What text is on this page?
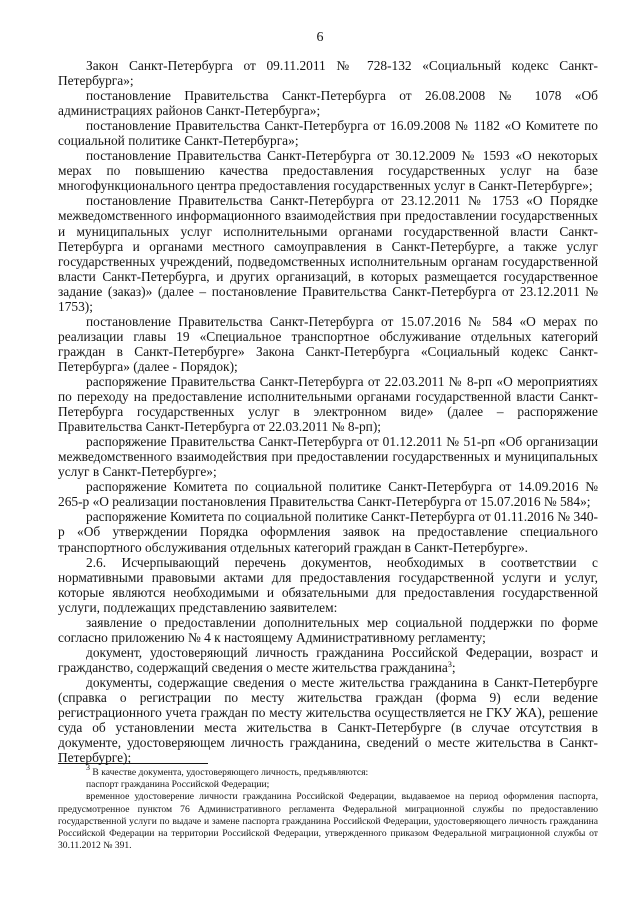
6

Закон Санкт-Петербурга от 09.11.2011 № 728-132 «Социальный кодекс Санкт-Петербурга»;

постановление Правительства Санкт-Петербурга от 26.08.2008 № 1078 «Об администрациях районов Санкт-Петербурга»;

постановление Правительства Санкт-Петербурга от 16.09.2008 № 1182 «О Комитете по социальной политике Санкт-Петербурга»;

постановление Правительства Санкт-Петербурга от 30.12.2009 № 1593 «О некоторых мерах по повышению качества предоставления государственных услуг на базе многофункционального центра предоставления государственных услуг в Санкт-Петербурге»;

постановление Правительства Санкт-Петербурга от 23.12.2011 № 1753 «О Порядке межведомственного информационного взаимодействия при предоставлении государственных и муниципальных услуг исполнительными органами государственной власти Санкт-Петербурга и органами местного самоуправления в Санкт-Петербурге, а также услуг государственных учреждений, подведомственных исполнительным органам государственной власти Санкт-Петербурга, и других организаций, в которых размещается государственное задание (заказ)» (далее – постановление Правительства Санкт-Петербурга от 23.12.2011 № 1753);

постановление Правительства Санкт-Петербурга от 15.07.2016 № 584 «О мерах по реализации главы 19 «Специальное транспортное обслуживание отдельных категорий граждан в Санкт-Петербурге» Закона Санкт-Петербурга «Социальный кодекс Санкт-Петербурга» (далее - Порядок);

распоряжение Правительства Санкт-Петербурга от 22.03.2011 № 8-рп «О мероприятиях по переходу на предоставление исполнительными органами государственной власти Санкт-Петербурга государственных услуг в электронном виде» (далее – распоряжение Правительства Санкт-Петербурга от 22.03.2011 № 8-рп);

распоряжение Правительства Санкт-Петербурга от 01.12.2011 № 51-рп «Об организации межведомственного взаимодействия при предоставлении государственных и муниципальных услуг в Санкт-Петербурге»;

распоряжение Комитета по социальной политике Санкт-Петербурга от 14.09.2016 № 265-р «О реализации постановления Правительства Санкт-Петербурга от 15.07.2016 № 584»;

распоряжение Комитета по социальной политике Санкт-Петербурга от 01.11.2016 № 340-р «Об утверждении Порядка оформления заявок на предоставление специального транспортного обслуживания отдельных категорий граждан в Санкт-Петербурге».

2.6. Исчерпывающий перечень документов, необходимых в соответствии с нормативными правовыми актами для предоставления государственной услуги и услуг, которые являются необходимыми и обязательными для предоставления государственной услуги, подлежащих представлению заявителем:

заявление о предоставлении дополнительных мер социальной поддержки по форме согласно приложению № 4 к настоящему Административному регламенту;

документ, удостоверяющий личность гражданина Российской Федерации, возраст и гражданство, содержащий сведения о месте жительства гражданина$^3$;

документы, содержащие сведения о месте жительства гражданина в Санкт-Петербурге (справка о регистрации по месту жительства граждан (форма 9) если ведение регистрационного учета граждан по месту жительства осуществляется не ГКУ ЖА), решение суда об установлении места жительства в Санкт-Петербурге (в случае отсутствия в документе, удостоверяющем личность гражданина, сведений о месте жительства в Санкт-Петербурге);

$^3$ В качестве документа, удостоверяющего личность, предъявляются:

паспорт гражданина Российской Федерации;

временное удостоверение личности гражданина Российской Федерации, выдаваемое на период оформления паспорта, предусмотренное пунктом 76 Административного регламента Федеральной миграционной службы по предоставлению государственной услуги по выдаче и замене паспорта гражданина Российской Федерации, удостоверяющего личность гражданина Российской Федерации на территории Российской Федерации, утвержденного приказом Федеральной миграционной службы от 30.11.2012 № 391.
